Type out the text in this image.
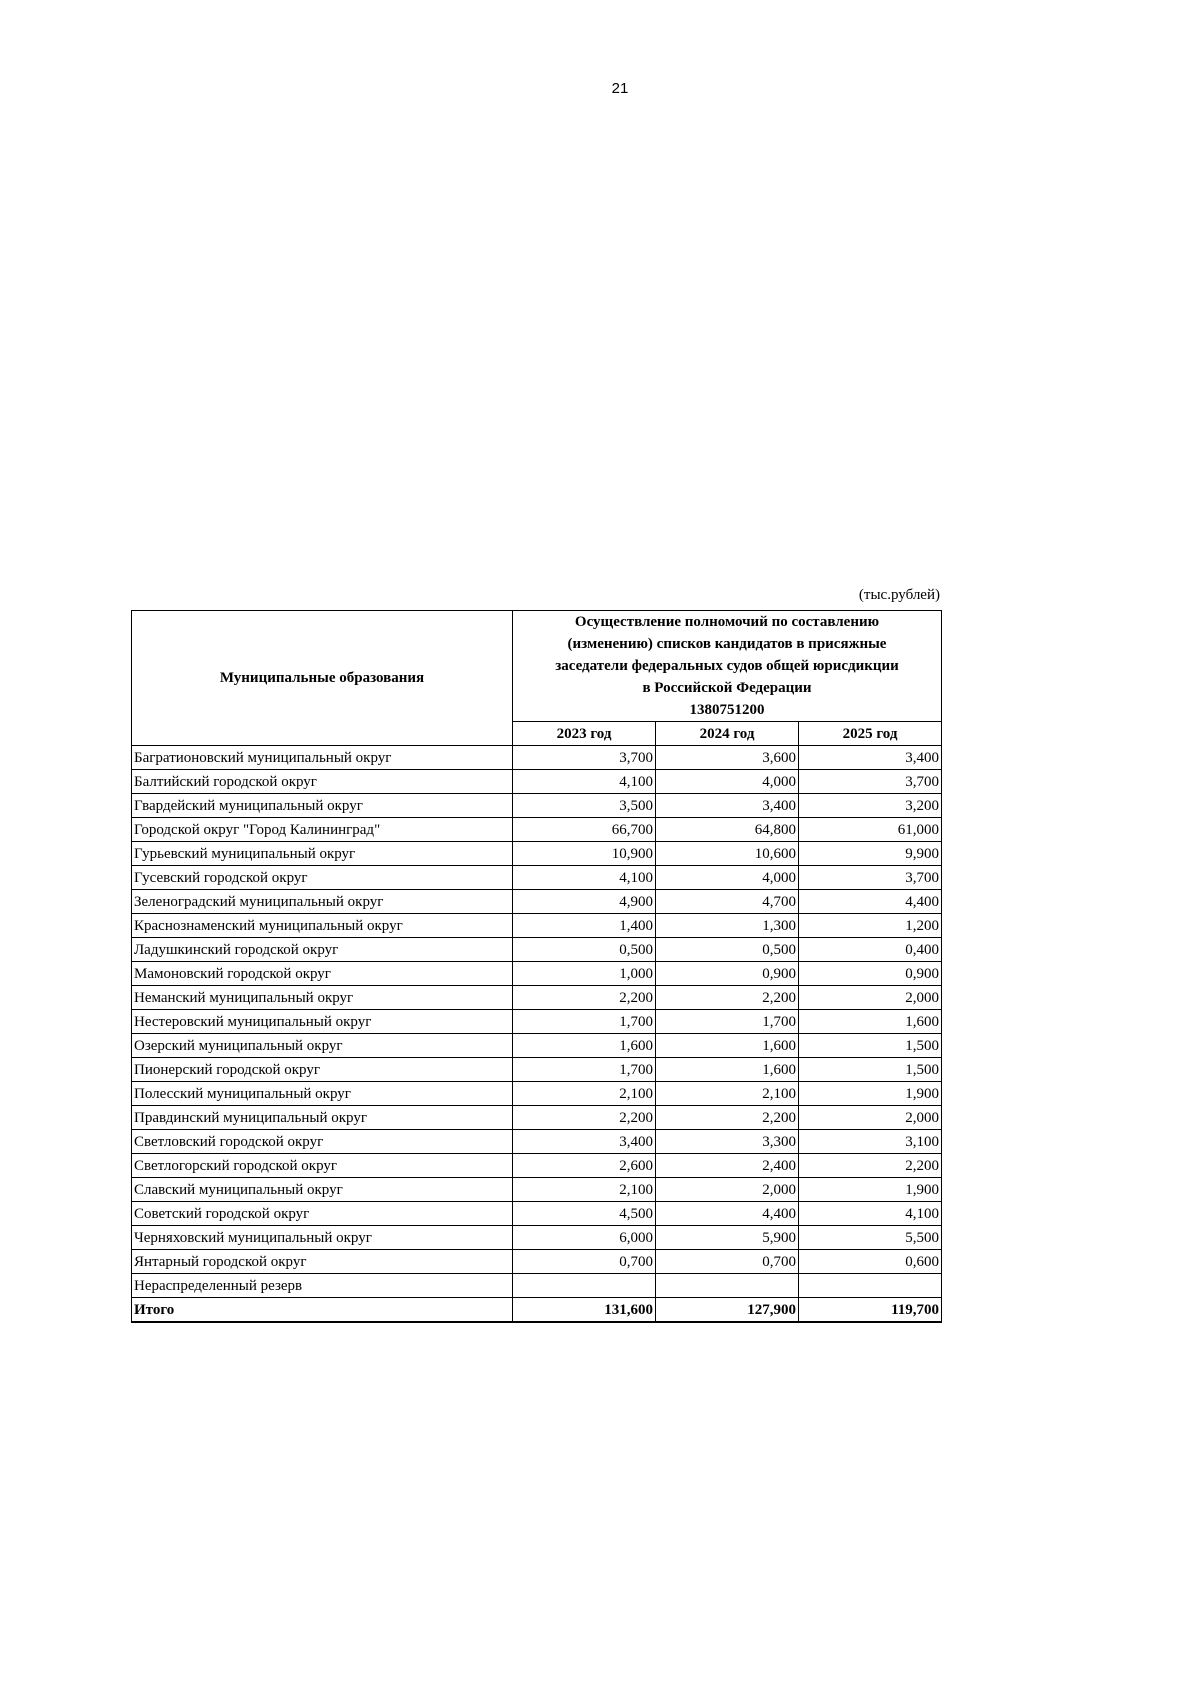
21
(тыс.рублей)
Муниципальные образования	Осуществление полномочий по составлению
(изменению) списков кандидатов в присяжные
заседатели федеральных судов общей юрисдикции
в Российской Федерации
1380751200		

	2023 год	2024 год	2025 год
Багратионовский муниципальный округ	3,700	3,600	3,400
Балтийский городской округ	4,100	4,000	3,700
Гвардейский муниципальный округ	3,500	3,400	3,200
Городской округ "Город Калининград"	66,700	64,800	61,000
Гурьевский муниципальный округ	10,900	10,600	9,900
Гусевский городской округ	4,100	4,000	3,700
Зеленоградский муниципальный округ	4,900	4,700	4,400
Краснознаменский муниципальный округ	1,400	1,300	1,200
Ладушкинский городской округ	0,500	0,500	0,400
Мамоновский городской округ	1,000	0,900	0,900
Неманский муниципальный округ	2,200	2,200	2,000
Нестеровский муниципальный округ	1,700	1,700	1,600
Озерский муниципальный округ	1,600	1,600	1,500
Пионерский городской округ	1,700	1,600	1,500
Полесский муниципальный округ	2,100	2,100	1,900
Правдинский муниципальный округ	2,200	2,200	2,000
Светловский городской округ	3,400	3,300	3,100
Светлогорский городской округ	2,600	2,400	2,200
Славский муниципальный округ	2,100	2,000	1,900
Советский городской округ	4,500	4,400	4,100
Черняховский муниципальный округ	6,000	5,900	5,500
Янтарный городской округ	0,700	0,700	0,600
Нераспределенный резерв			
Итого	131,600	127,900	119,700
